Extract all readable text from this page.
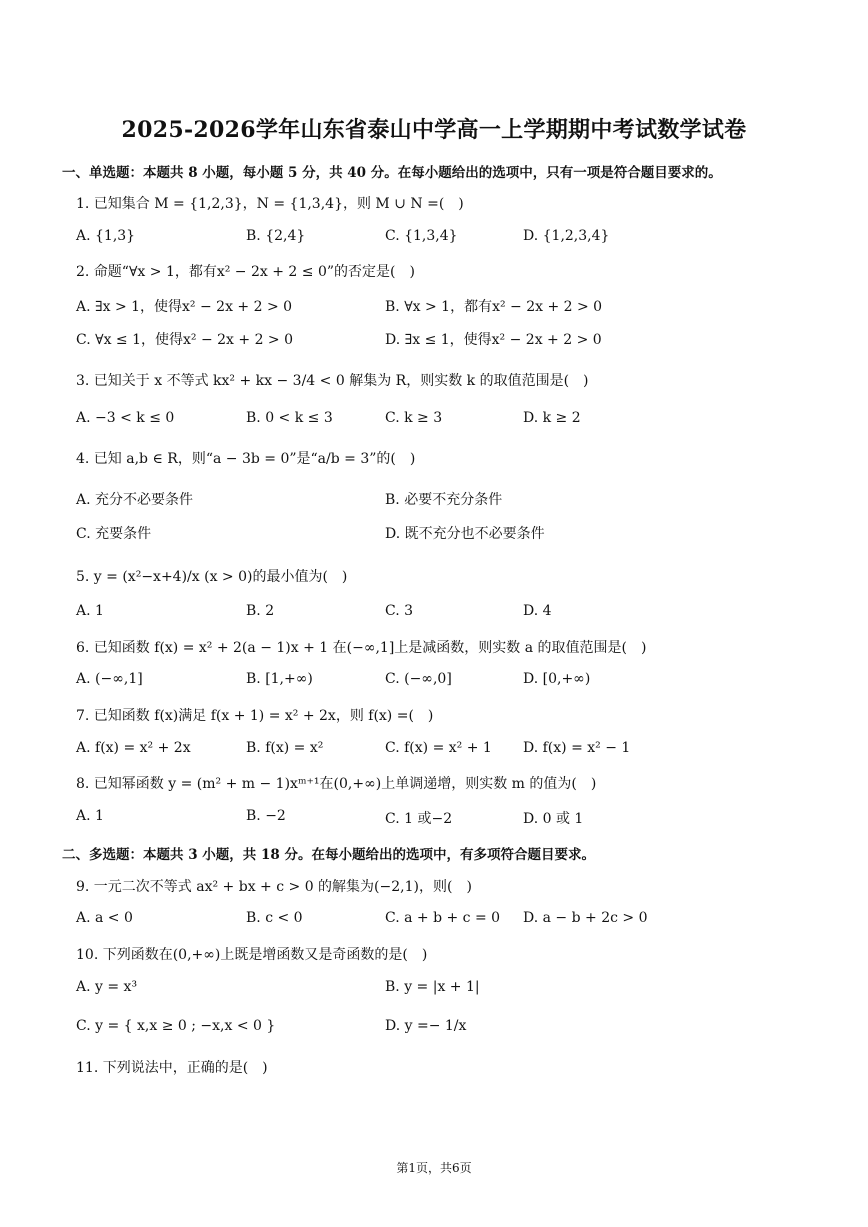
2025-2026学年山东省泰山中学高一上学期期中考试数学试卷
一、单选题：本题共 8 小题，每小题 5 分，共 40 分。在每小题给出的选项中，只有一项是符合题目要求的。
1. 已知集合 M = {1,2,3}，N = {1,3,4}，则 M ∪ N =(　)
A. {1,3}	B. {2,4}	C. {1,3,4}	D. {1,2,3,4}
2. 命题“∀x > 1，都有x² − 2x + 2 ≤ 0”的否定是(　)
A. ∃x > 1，使得x² − 2x + 2 > 0	B. ∀x > 1，都有x² − 2x + 2 > 0
C. ∀x ≤ 1，使得x² − 2x + 2 > 0	D. ∃x ≤ 1，使得x² − 2x + 2 > 0
3. 已知关于 x 不等式 kx² + kx − 3/4 < 0 解集为 R，则实数 k 的取值范围是(　)
A. −3 < k ≤ 0	B. 0 < k ≤ 3	C. k ≥ 3	D. k ≥ 2
4. 已知 a,b ∈ R，则“a − 3b = 0”是“a/b = 3”的(　)
A. 充分不必要条件	B. 必要不充分条件
C. 充要条件	D. 既不充分也不必要条件
5. y = (x²−x+4)/x (x > 0)的最小值为(　)
A. 1	B. 2	C. 3	D. 4
6. 已知函数 f(x) = x² + 2(a − 1)x + 1 在(−∞,1]上是减函数，则实数 a 的取值范围是(　)
A. (−∞,1]	B. [1,+∞)	C. (−∞,0]	D. [0,+∞)
7. 已知函数 f(x)满足 f(x + 1) = x² + 2x，则 f(x) =(　)
A. f(x) = x² + 2x	B. f(x) = x²	C. f(x) = x² + 1 D. f(x) = x² − 1
8. 已知幂函数 y = (m² + m − 1)xᵐ⁺¹在(0,+∞)上单调递增，则实数 m 的值为(　)
A. 1	B. −2	C. 1 或−2	D. 0 或 1
二、多选题：本题共 3 小题，共 18 分。在每小题给出的选项中，有多项符合题目要求。
9. 一元二次不等式 ax² + bx + c > 0 的解集为(−2,1)，则(　)
A. a < 0	B. c < 0	C. a + b + c = 0 D. a − b + 2c > 0
10. 下列函数在(0,+∞)上既是增函数又是奇函数的是(　)
A. y = x³	B. y = |x + 1|
C. y = { x,x ≥ 0 ; −x,x < 0 }	D. y =− 1/x
11. 下列说法中，正确的是(　)
第1页，共6页
